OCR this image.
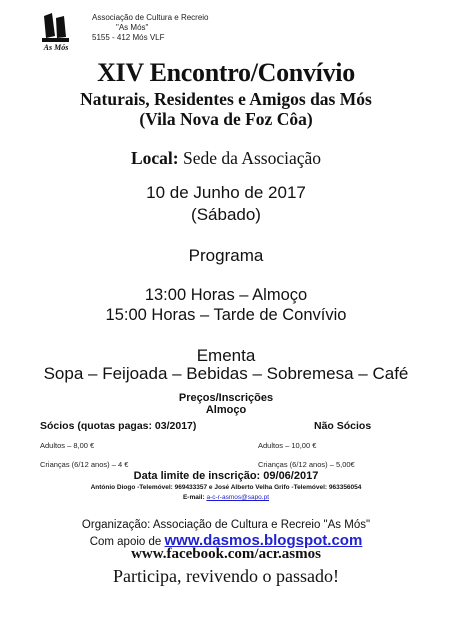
As Mós
Associação de Cultura e Recreio
"As Mós"
5155 - 412 Mós VLF
XIV Encontro/Convívio
Naturais, Residentes e Amigos das Mós
(Vila Nova de Foz Côa)
Local: Sede da Associação
10 de Junho de 2017
(Sábado)
Programa
13:00 Horas – Almoço
15:00 Horas – Tarde de Convívio
Ementa
Sopa – Feijoada – Bebidas – Sobremesa – Café
Preços/Inscrições
Almoço
Sócios (quotas pagas: 03/2017)	Não Sócios
Adultos – 8,00 €
Crianças (6/12 anos) – 4 €
Adultos – 10,00 €
Crianças (6/12 anos) – 5,00€
Data limite de inscrição: 09/06/2017
António Diogo -Telemóvel: 969433357 e José Alberto Velha Grifo -Telemóvel: 963356054
E-mail: a-c-r-asmos@sapo.pt
Organização: Associação de Cultura e Recreio "As Mós"
Com apoio de www.dasmos.blogspot.com
www.facebook.com/acr.asmos
Participa, revivendo o passado!
